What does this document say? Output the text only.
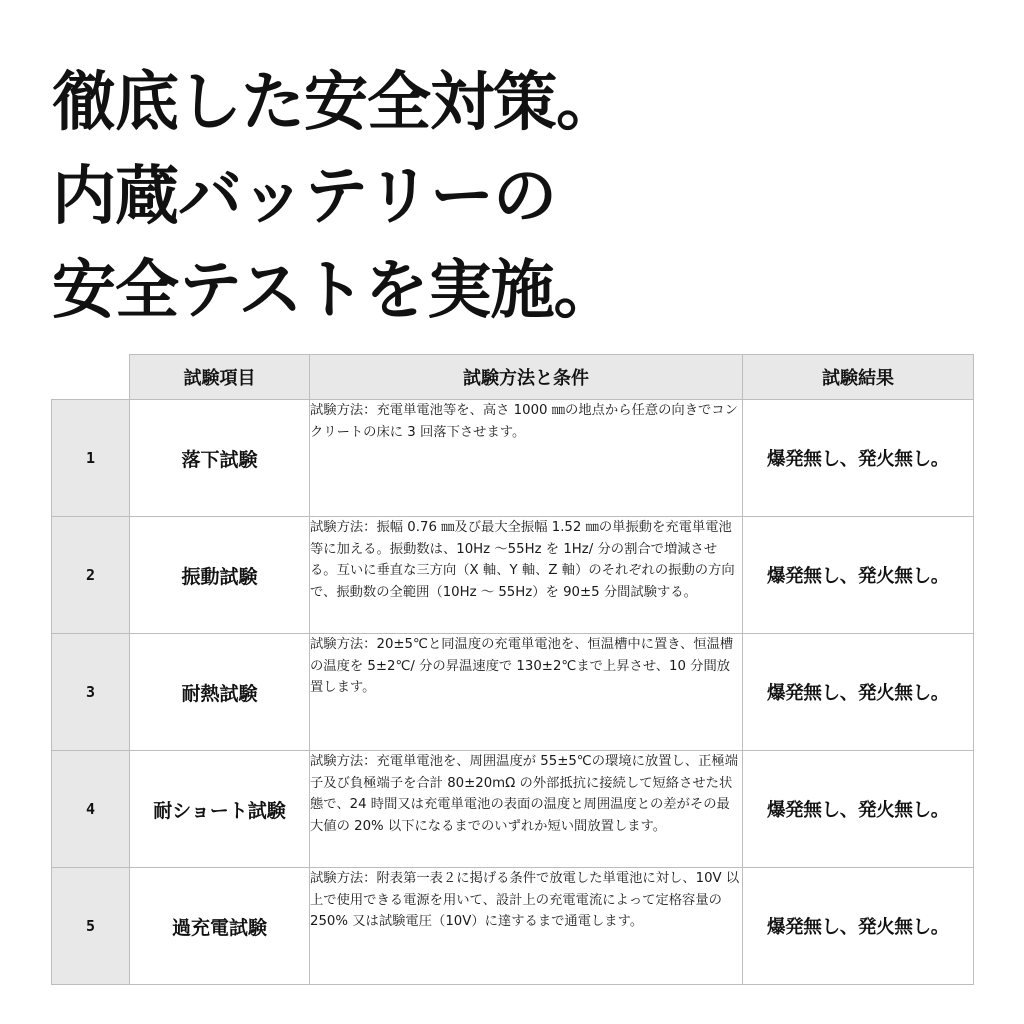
徹底した安全対策。
内蔵バッテリーの
安全テストを実施。
	試験項目	試験方法と条件	試験結果
1	落下試験	試験方法：充電単電池等を、高さ 1000 ㎜の地点から任意の向きでコンクリートの床に 3 回落下させます。	爆発無し、発火無し。
2	振動試験	試験方法：振幅 0.76 ㎜及び最大全振幅 1.52 ㎜の単振動を充電単電池等に加える。振動数は、10Hz ～55Hz を 1Hz/ 分の割合で増減させる。互いに垂直な三方向（X 軸、Y 軸、Z 軸）のそれぞれの振動の方向で、振動数の全範囲（10Hz ～ 55Hz）を 90±5 分間試験する。	爆発無し、発火無し。
3	耐熱試験	試験方法：20±5℃と同温度の充電単電池を、恒温槽中に置き、恒温槽の温度を 5±2℃/ 分の昇温速度で 130±2℃まで上昇させ、10 分間放置します。	爆発無し、発火無し。
4	耐ショート試験	試験方法：充電単電池を、周囲温度が 55±5℃の環境に放置し、正極端子及び負極端子を合計 80±20mΩ の外部抵抗に接続して短絡させた状態で、24 時間又は充電単電池の表面の温度と周囲温度との差がその最大値の 20% 以下になるまでのいずれか短い間放置します。	爆発無し、発火無し。
5	過充電試験	試験方法：附表第一表２に掲げる条件で放電した単電池に対し、10V 以上で使用できる電源を用いて、設計上の充電電流によって定格容量の 250% 又は試験電圧（10V）に達するまで通電します。	爆発無し、発火無し。
